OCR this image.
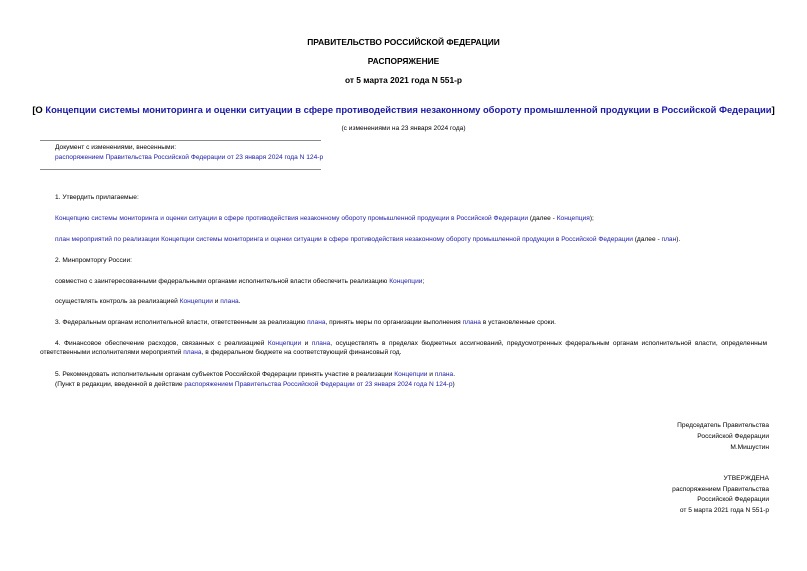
ПРАВИТЕЛЬСТВО РОССИЙСКОЙ ФЕДЕРАЦИИ
РАСПОРЯЖЕНИЕ
от 5 марта 2021 года N 551-р
[О Концепции системы мониторинга и оценки ситуации в сфере противодействия незаконному обороту промышленной продукции в Российской Федерации]
(с изменениями на 23 января 2024 года)
Документ с изменениями, внесенными:
распоряжением Правительства Российской Федерации от 23 января 2024 года N 124-р
1. Утвердить прилагаемые:
Концепцию системы мониторинга и оценки ситуации в сфере противодействия незаконному обороту промышленной продукции в Российской Федерации (далее - Концепция);
план мероприятий по реализации Концепции системы мониторинга и оценки ситуации в сфере противодействия незаконному обороту промышленной продукции в Российской Федерации (далее - план).
2. Минпромторгу России:
совместно с заинтересованными федеральными органами исполнительной власти обеспечить реализацию Концепции;
осуществлять контроль за реализацией Концепции и плана.
3. Федеральным органам исполнительной власти, ответственным за реализацию плана, принять меры по организации выполнения плана в установленные сроки.
4. Финансовое обеспечение расходов, связанных с реализацией Концепции и плана, осуществлять в пределах бюджетных ассигнований, предусмотренных федеральным органам исполнительной власти, определенным ответственными исполнителями мероприятий плана, в федеральном бюджете на соответствующий финансовый год.
5. Рекомендовать исполнительным органам субъектов Российской Федерации принять участие в реализации Концепции и плана.
(Пункт в редакции, введенной в действие распоряжением Правительства Российской Федерации от 23 января 2024 года N 124-р)
Председатель Правительства
Российской Федерации
М.Мишустин
УТВЕРЖДЕНА
распоряжением Правительства
Российской Федерации
от 5 марта 2021 года N 551-р
